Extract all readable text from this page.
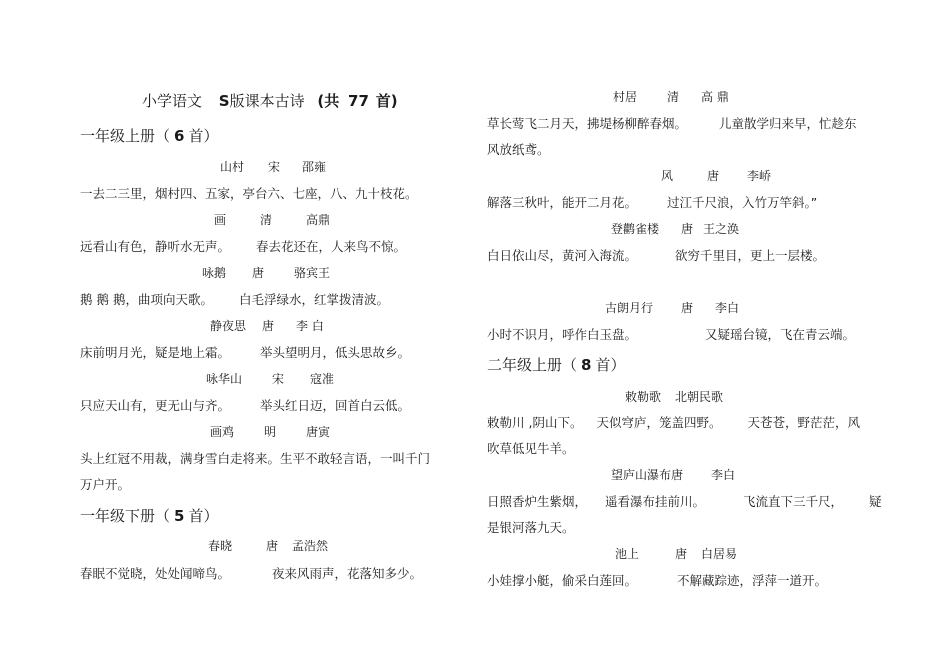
小学语文 S版课本古诗 (共 77 首)
一年级上册（ 6 首）
山村 宋 邵雍
一去二三里，烟村四、五家，亭台六、七座，八、九十枝花。
画	清	高鼎
远看山有色，静听水无声。 春去花还在，人来鸟不惊。
咏鹅 唐	骆宾王
鹅 鹅 鹅，曲项向天歌。 白毛浮绿水，红掌拨清波。
静夜思 唐 李 白
床前明月光，疑是地上霜。 举头望明月，低头思故乡。
咏华山	宋 寇准
只应天山有，更无山与齐。 举头红日迈，回首白云低。
画鸡	明	唐寅
头上红冠不用裁，满身雪白走将来。生平不敢轻言语，一叫千门
万户开。
一年级下册（ 5 首）
春晓	唐 孟浩然
春眠不觉晓，处处闻啼鸟。	夜来风雨声，花落知多少。
村居	清 高 鼎
草长莺飞二月天，拂堤杨柳醉春烟。	儿童散学归来早，忙趁东
风放纸鸢。
风	唐 李峤
解落三秋叶，能开二月花。 过江千尺浪，入竹万竿斜。”
登鹳雀楼 唐 王之涣
白日依山尽，黄河入海流。	欲穷千里目，更上一层楼。
古朗月行 唐 李白
小时不识月，呼作白玉盘。	又疑瑶台镜，飞在青云端。
二年级上册（ 8 首）
敕勒歌 北朝民歌
敕勒川 ,阴山下。 天似穹庐，笼盖四野。 天苍苍，野茫茫，风
吹草低见牛羊。
望庐山瀑布唐 李白
日照香炉生紫烟， 遥看瀑布挂前川。	飞流直下三千尺， 疑
是银河落九天。
池上	唐 白居易
小娃撑小艇，偷采白莲回。	不解藏踪迹，浮萍一道开。
